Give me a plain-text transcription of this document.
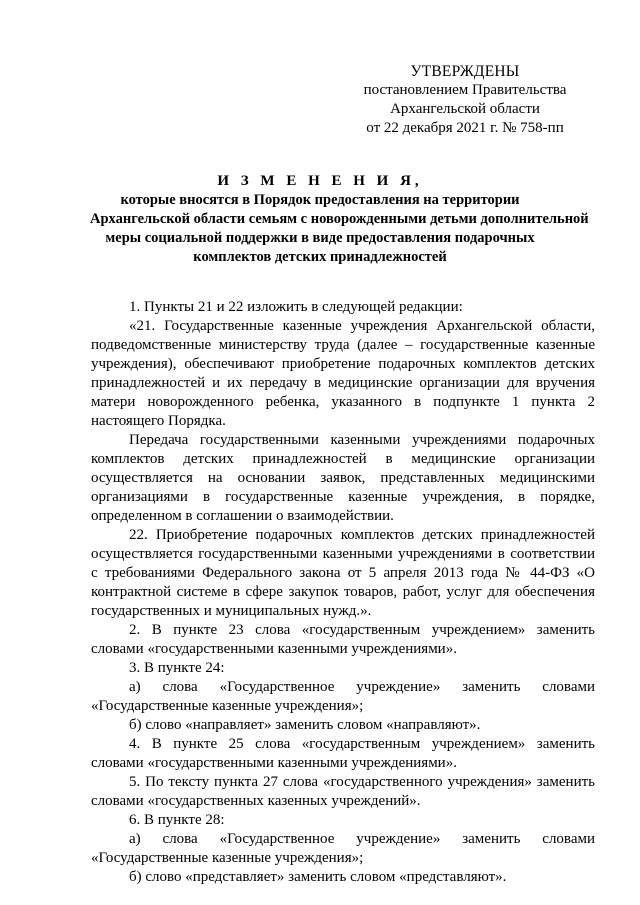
УТВЕРЖДЕНЫ
постановлением Правительства
Архангельской области
от 22 декабря 2021 г. № 758-пп
И З М Е Н Е Н И Я,
которые вносятся в Порядок предоставления на территории
Архангельской области семьям с новорожденными детьми дополнительной
меры социальной поддержки в виде предоставления подарочных
комплектов детских принадлежностей

1. Пункты 21 и 22 изложить в следующей редакции:

«21. Государственные казенные учреждения Архангельской области, подведомственные министерству труда (далее – государственные казенные учреждения), обеспечивают приобретение подарочных комплектов детских принадлежностей и их передачу в медицинские организации для вручения матери новорожденного ребенка, указанного в подпункте 1 пункта 2 настоящего Порядка.

Передача государственными казенными учреждениями подарочных комплектов детских принадлежностей в медицинские организации осуществляется на основании заявок, представленных медицинскими организациями в государственные казенные учреждения, в порядке, определенном в соглашении о взаимодействии.

22. Приобретение подарочных комплектов детских принадлежностей осуществляется государственными казенными учреждениями в соответствии с требованиями Федерального закона от 5 апреля 2013 года № 44-ФЗ «О контрактной системе в сфере закупок товаров, работ, услуг для обеспечения государственных и муниципальных нужд.».

2. В пункте 23 слова «государственным учреждением» заменить словами «государственными казенными учреждениями».

3. В пункте 24:

а) слова «Государственное учреждение» заменить словами «Государственные казенные учреждения»;

б) слово «направляет» заменить словом «направляют».

4. В пункте 25 слова «государственным учреждением» заменить словами «государственными казенными учреждениями».

5. По тексту пункта 27 слова «государственного учреждения» заменить словами «государственных казенных учреждений».

6. В пункте 28:

а) слова «Государственное учреждение» заменить словами «Государственные казенные учреждения»;

б) слово «представляет» заменить словом «представляют».
